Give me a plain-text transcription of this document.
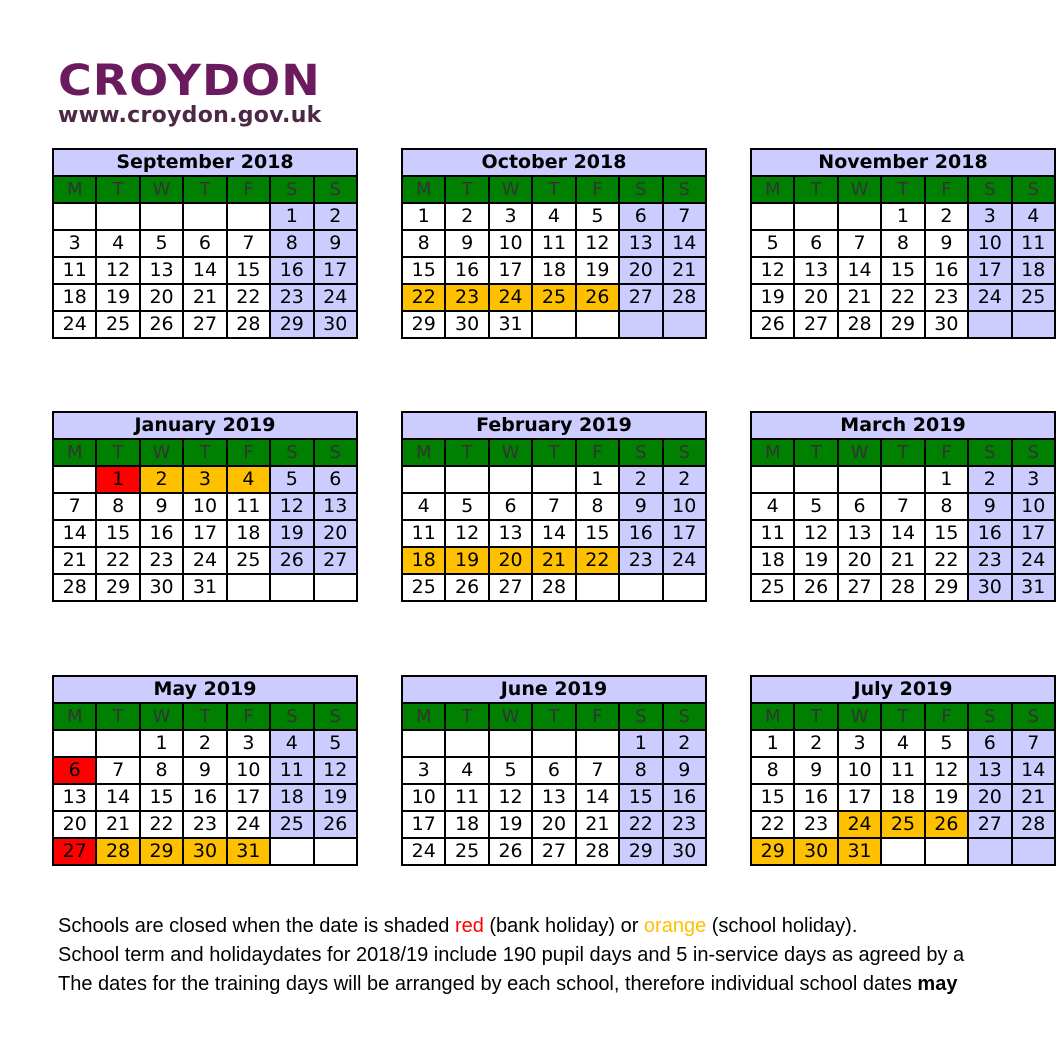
CROYDON
www.croydon.gov.uk
September 2018						
M	T	W	T	F	S	S
					1	2
3	4	5	6	7	8	9
11	12	13	14	15	16	17
18	19	20	21	22	23	24
24	25	26	27	28	29	30
October 2018						
M	T	W	T	F	S	S
1	2	3	4	5	6	7
8	9	10	11	12	13	14
15	16	17	18	19	20	21
22	23	24	25	26	27	28
29	30	31				
November 2018						
M	T	W	T	F	S	S
			1	2	3	4
5	6	7	8	9	10	11
12	13	14	15	16	17	18
19	20	21	22	23	24	25
26	27	28	29	30		
January 2019						
M	T	W	T	F	S	S
	1	2	3	4	5	6
7	8	9	10	11	12	13
14	15	16	17	18	19	20
21	22	23	24	25	26	27
28	29	30	31			
February 2019						
M	T	W	T	F	S	S
				1	2	2
4	5	6	7	8	9	10
11	12	13	14	15	16	17
18	19	20	21	22	23	24
25	26	27	28			
March 2019						
M	T	W	T	F	S	S
				1	2	3
4	5	6	7	8	9	10
11	12	13	14	15	16	17
18	19	20	21	22	23	24
25	26	27	28	29	30	31
May 2019						
M	T	W	T	F	S	S
		1	2	3	4	5
6	7	8	9	10	11	12
13	14	15	16	17	18	19
20	21	22	23	24	25	26
27	28	29	30	31		
June 2019						
M	T	W	T	F	S	S
					1	2
3	4	5	6	7	8	9
10	11	12	13	14	15	16
17	18	19	20	21	22	23
24	25	26	27	28	29	30
July 2019						
M	T	W	T	F	S	S
1	2	3	4	5	6	7
8	9	10	11	12	13	14
15	16	17	18	19	20	21
22	23	24	25	26	27	28
29	30	31				
Schools are closed when the date is shaded red (bank holiday) or orange (school holiday).
School term and holidaydates for 2018/19 include 190 pupil days and 5 in-service days as agreed by a
The dates for the training days will be arranged by each school, therefore individual school dates may
